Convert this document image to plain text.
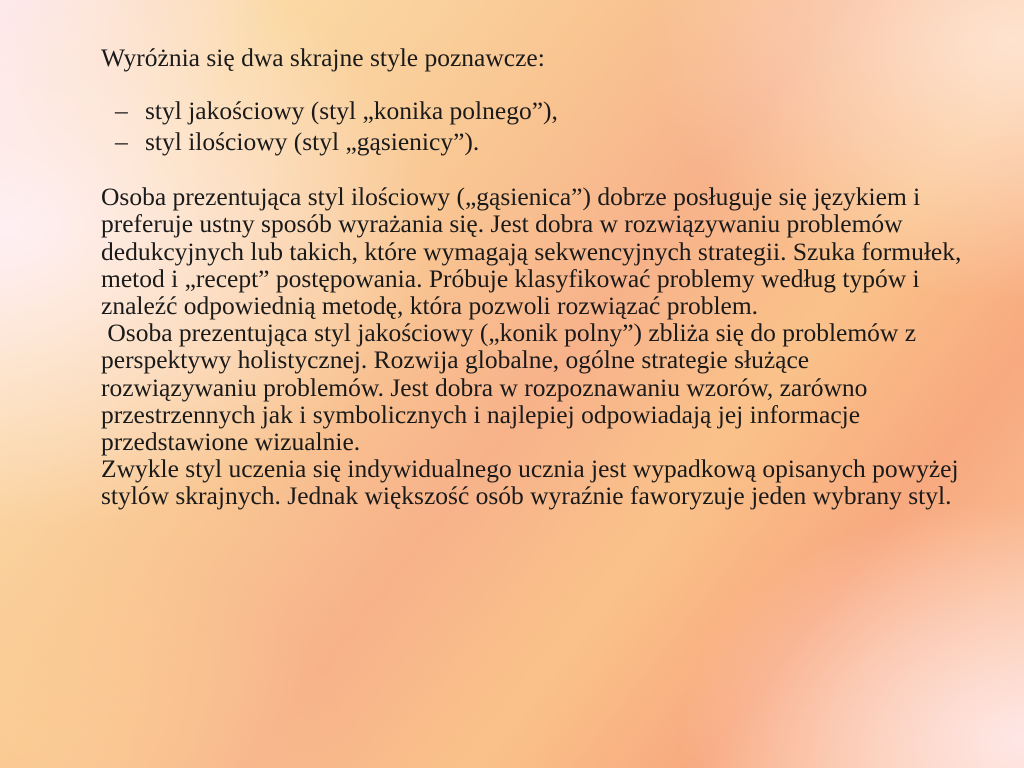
Wyróżnia się dwa skrajne style poznawcze:

– styl jakościowy (styl „konika polnego”),
– styl ilościowy (styl „gąsienicy”).

Osoba prezentująca styl ilościowy („gąsienica”) dobrze posługuje się językiem i preferuje ustny sposób wyrażania się. Jest dobra w rozwiązywaniu problemów dedukcyjnych lub takich, które wymagają sekwencyjnych strategii. Szuka formułek, metod i „recept” postępowania. Próbuje klasyfikować problemy według typów i znaleźć odpowiednią metodę, która pozwoli rozwiązać problem.

Osoba prezentująca styl jakościowy („konik polny”) zbliża się do problemów z perspektywy holistycznej. Rozwija globalne, ogólne strategie służące rozwiązywaniu problemów. Jest dobra w rozpoznawaniu wzorów, zarówno przestrzennych jak i symbolicznych i najlepiej odpowiadają jej informacje przedstawione wizualnie.

Zwykle styl uczenia się indywidualnego ucznia jest wypadkową opisanych powyżej stylów skrajnych. Jednak większość osób wyraźnie faworyzuje jeden wybrany styl.
